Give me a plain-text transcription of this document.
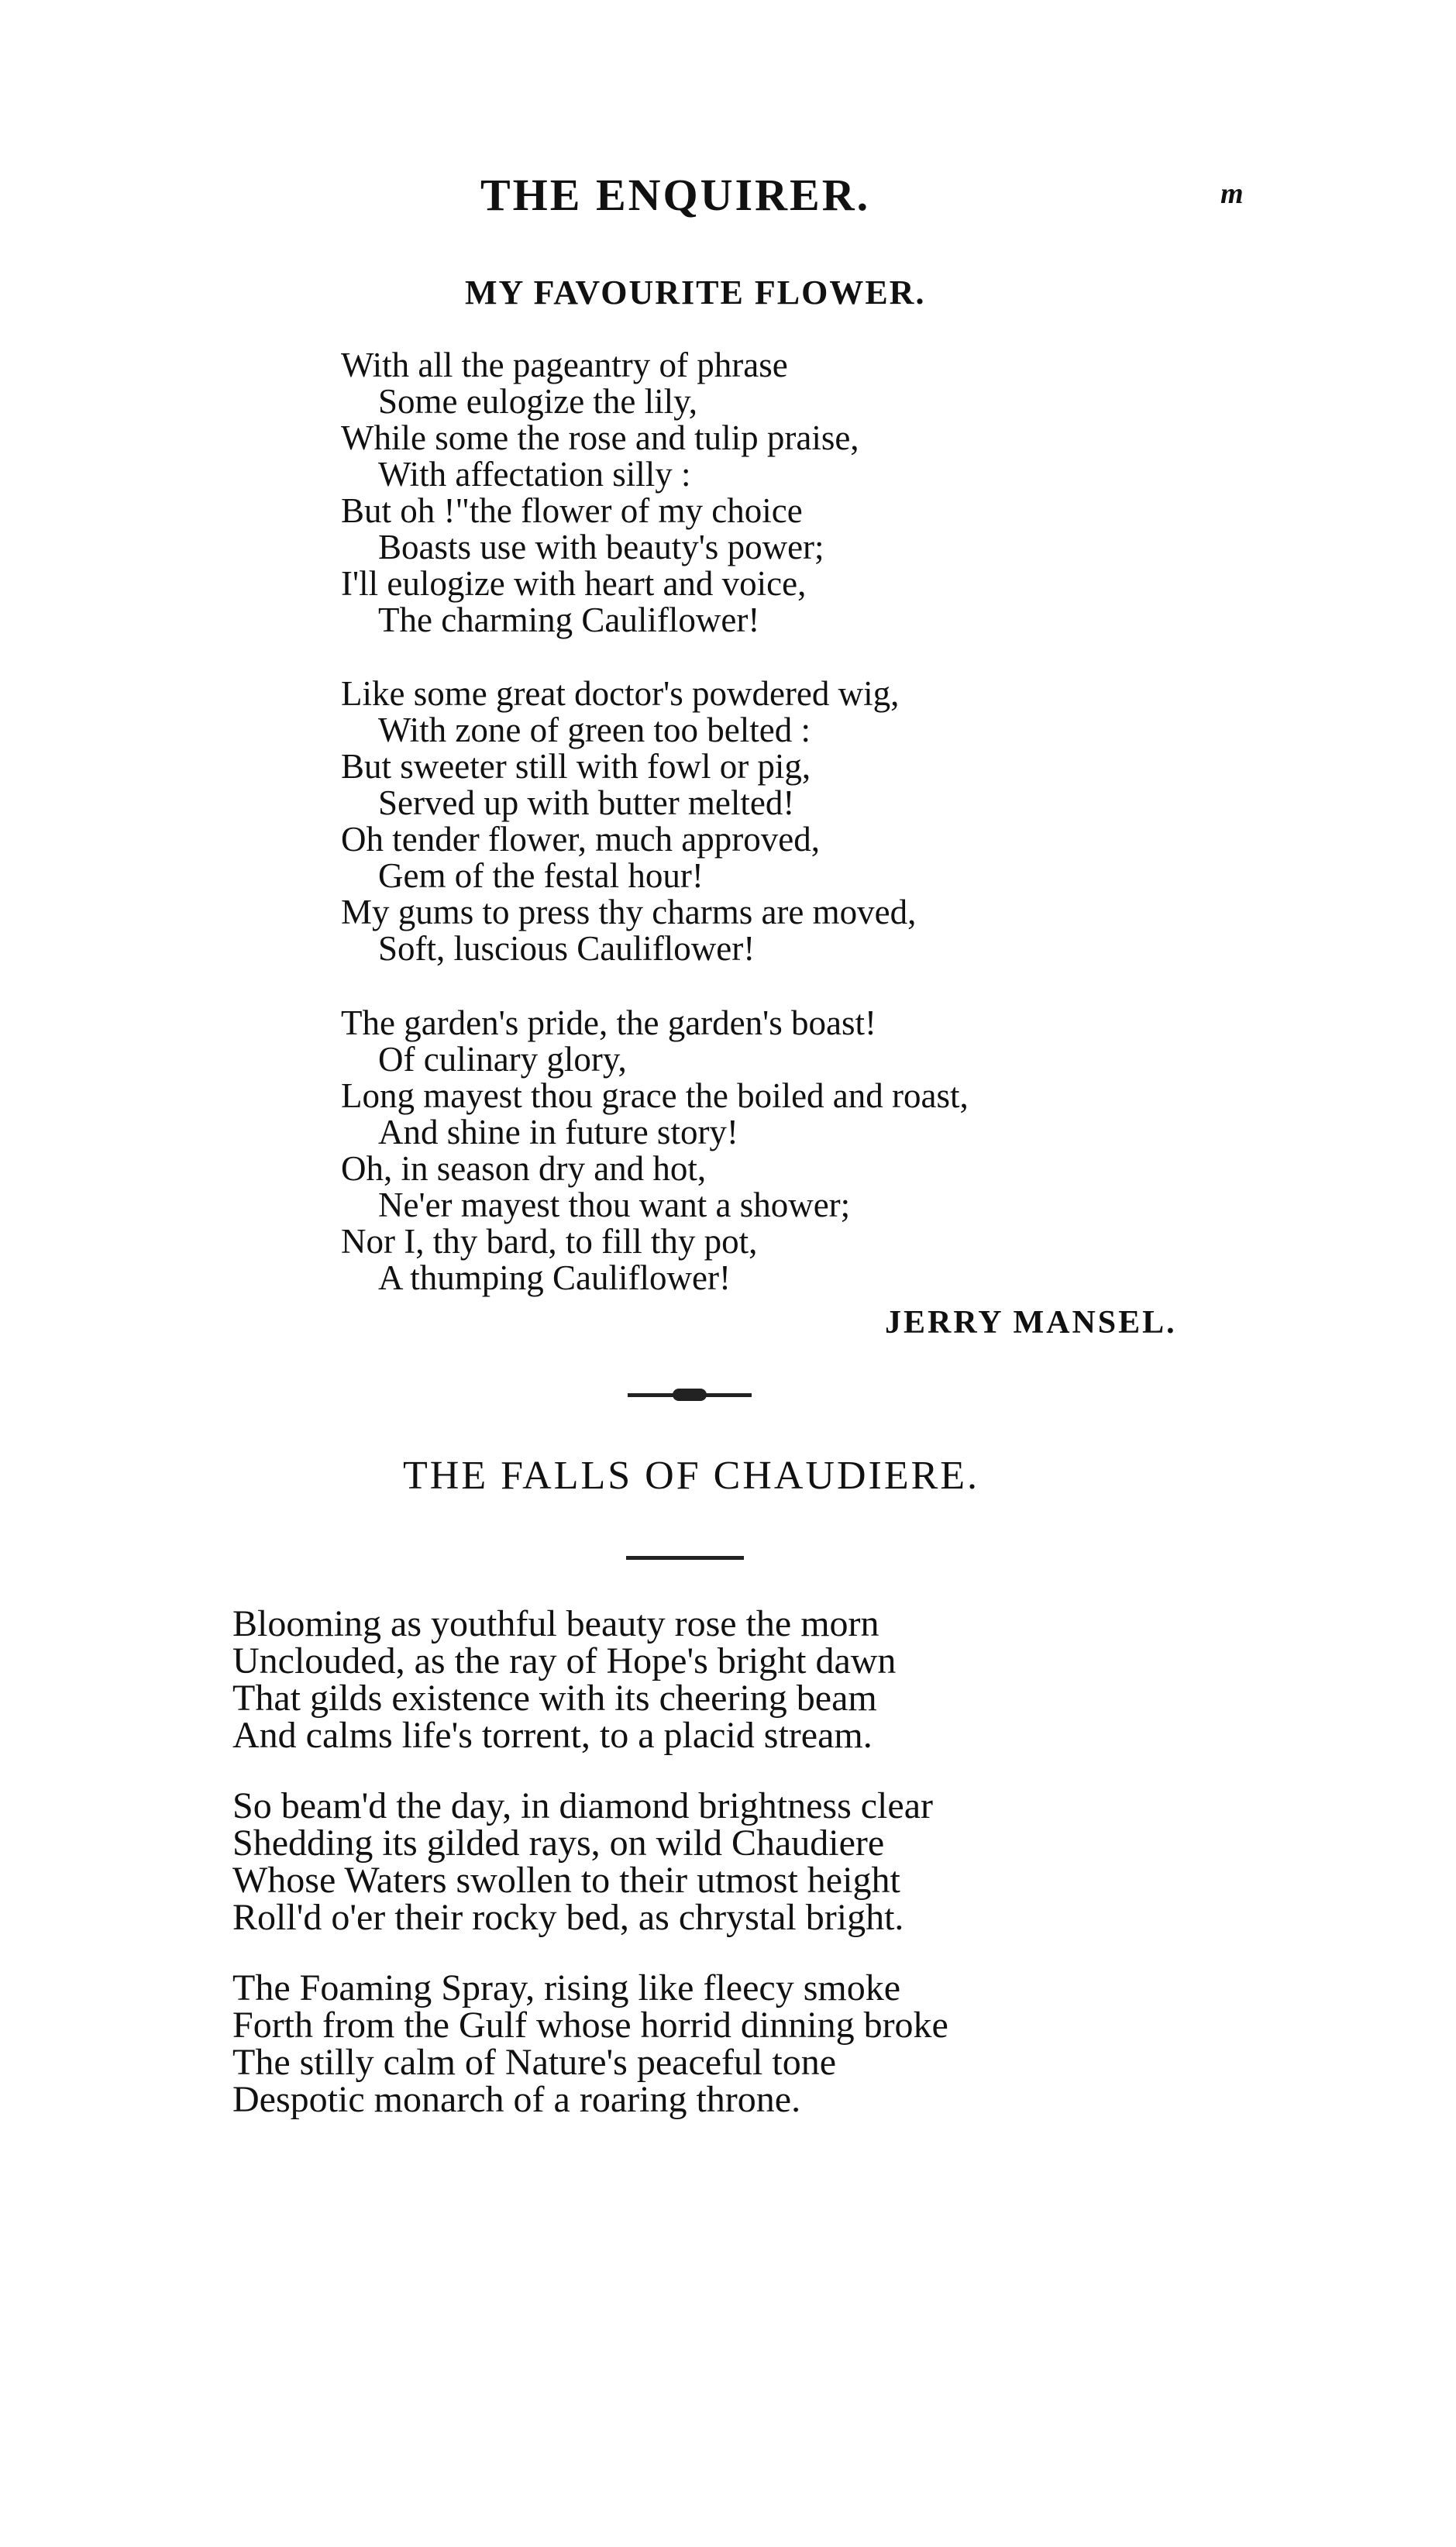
THE ENQUIRER.	m
MY FAVOURITE FLOWER.
With all the pageantry of phrase
Some eulogize the lily,
While some the rose and tulip praise,
With affectation silly :
But oh !"the flower of my choice
Boasts use with beauty's power;
I'll eulogize with heart and voice,
The charming Cauliflower!
Like some great doctor's powdered wig,
With zone of green too belted :
But sweeter still with fowl or pig,
Served up with butter melted!
Oh tender flower, much approved,
Gem of the festal hour!
My gums to press thy charms are moved,
Soft, luscious Cauliflower!
The garden's pride, the garden's boast!
Of culinary glory,
Long mayest thou grace the boiled and roast,
And shine in future story!
Oh, in season dry and hot,
Ne'er mayest thou want a shower;
Nor I, thy bard, to fill thy pot,
A thumping Cauliflower!
JERRY MANSEL.
THE FALLS OF CHAUDIERE.
Blooming as youthful beauty rose the morn
Unclouded, as the ray of Hope's bright dawn
That gilds existence with its cheering beam
And calms life's torrent, to a placid stream.
So beam'd the day, in diamond brightness clear
Shedding its gilded rays, on wild Chaudiere
Whose Waters swollen to their utmost height
Roll'd o'er their rocky bed, as chrystal bright.
The Foaming Spray, rising like fleecy smoke
Forth from the Gulf whose horrid dinning broke
The stilly calm of Nature's peaceful tone
Despotic monarch of a roaring throne.
